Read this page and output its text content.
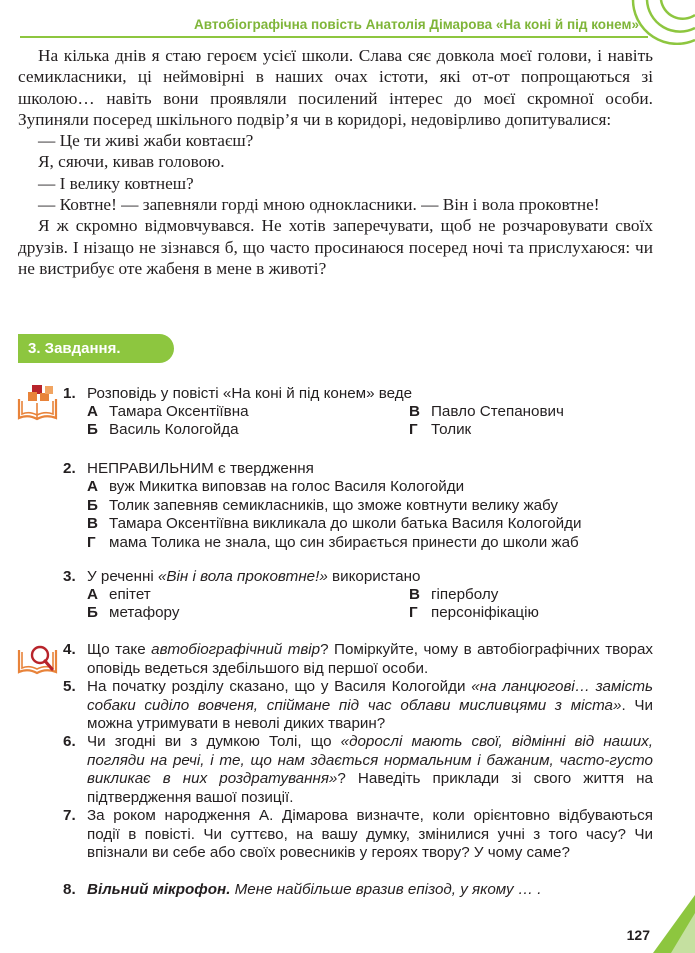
Автобіографічна повість Анатолія Дімарова «На коні й під конем»

На кілька днів я стаю героєм усієї школи. Слава сяє довкола моєї голови, і навіть семикласники, ці неймовірні в наших очах істоти, які от-от попрощаються зі школою… навіть вони проявляли посилений інтерес до моєї скромної особи. Зупиняли посеред шкільного подвір’я чи в коридорі, недовірливо допитувалися:

— Це ти живі жаби ковтаєш?

Я, сяючи, кивав головою.

— І велику ковтнеш?

— Ковтне! — запевняли горді мною однокласники. — Він і вола проковтне!

Я ж скромно відмовчувався. Не хотів заперечувати, щоб не розчаровувати своїх друзів. І нізащо не зізнався б, що часто просинаюся посеред ночі та прислухаюся: чи не вистрибує оте жабеня в мене в животі?

3. Завдання.
1. Розповідь у повісті «На коні й під конем» веде
А Тамара Оксентіївна	В Павло Степанович
Б Василь Кологойда	Г Толик
2. НЕПРАВИЛЬНИМ є твердження
А вуж Микитка виповзав на голос Василя Кологойди
Б Толик запевняв семикласників, що зможе ковтнути велику жабу
В Тамара Оксентіївна викликала до школи батька Василя Кологойди
Г мама Толика не знала, що син збирається принести до школи жаб
3. У реченні «Він і вола проковтне!» використано
А епітет	В гіперболу
Б метафору	Г персоніфікацію
4. Що таке автобіографічний твір? Поміркуйте, чому в автобіографічних творах оповідь ведеться здебільшого від першої особи.
5. На початку розділу сказано, що у Василя Кологойди «на ланцюгові… замість собаки сиділо вовченя, спіймане під час облави мисливцями з міста». Чи можна утримувати в неволі диких тварин?
6. Чи згодні ви з думкою Толі, що «дорослі мають свої, відмінні від наших, погляди на речі, і те, що нам здається нормальним і бажаним, часто-густо викликає в них роздратування»? Наведіть приклади зі свого життя на підтвердження вашої позиції.
7. За роком народження А. Дімарова визначте, коли орієнтовно відбуваються події в повісті. Чи суттєво, на вашу думку, змінилися учні з того часу? Чи впізнали ви себе або своїх ровесників у героях твору? У чому саме?
8. Вільний мікрофон. Мене найбільше вразив епізод, у якому … .
127
